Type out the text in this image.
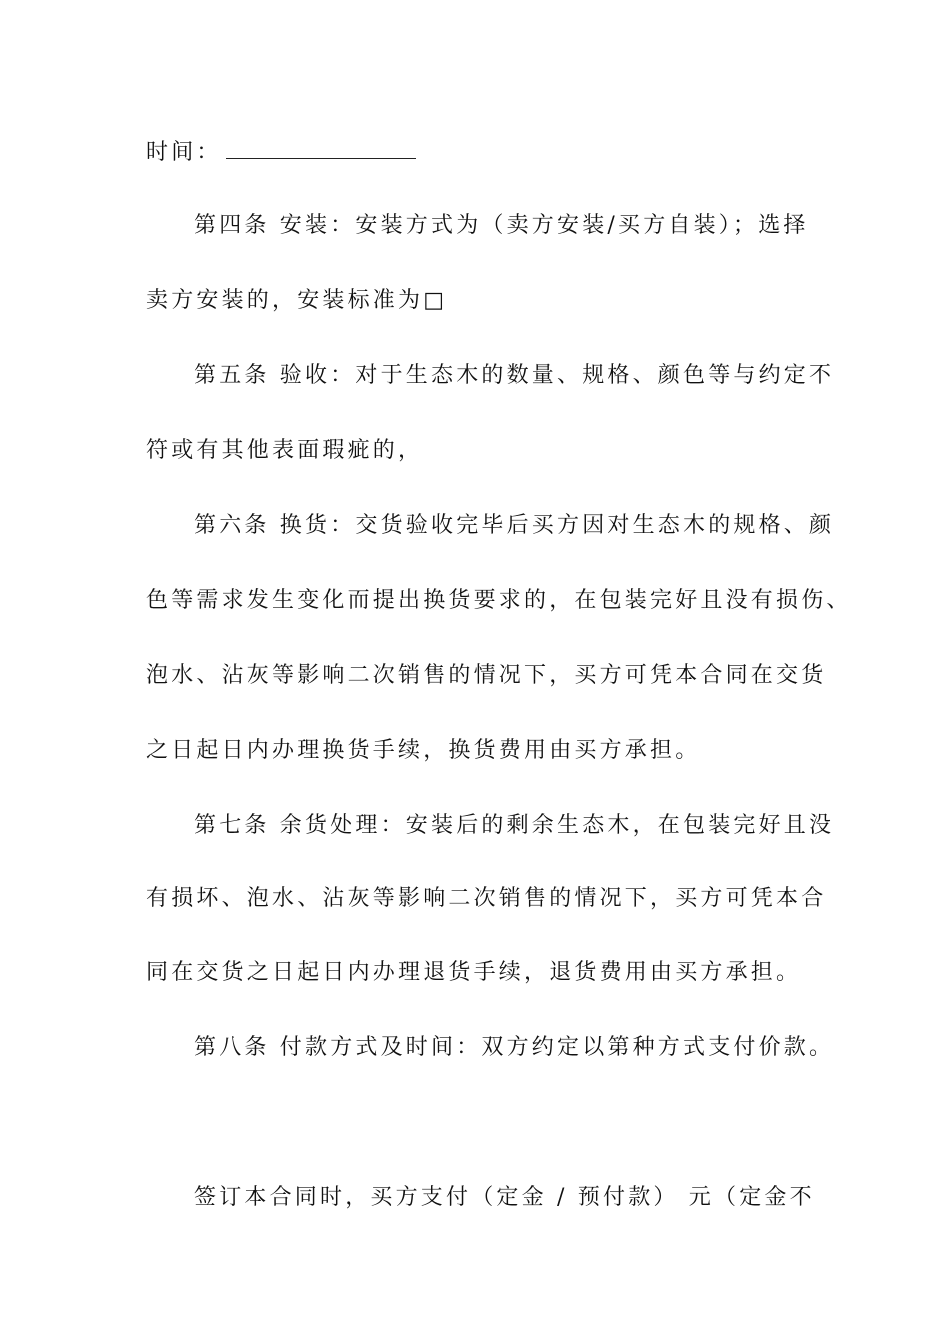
时间：
第四条 安装：安装方式为（卖方安装/买方自装）；选择
卖方安装的，安装标准为□
第五条 验收：对于生态木的数量、规格、颜色等与约定不
符或有其他表面瑕疵的，
第六条 换货：交货验收完毕后买方因对生态木的规格、颜
色等需求发生变化而提出换货要求的，在包装完好且没有损伤、
泡水、沾灰等影响二次销售的情况下，买方可凭本合同在交货
之日起日内办理换货手续，换货费用由买方承担。
第七条 余货处理：安装后的剩余生态木，在包装完好且没
有损坏、泡水、沾灰等影响二次销售的情况下，买方可凭本合
同在交货之日起日内办理退货手续，退货费用由买方承担。
第八条 付款方式及时间：双方约定以第种方式支付价款。
签订本合同时，买方支付（定金 / 预付款） 元（定金不
